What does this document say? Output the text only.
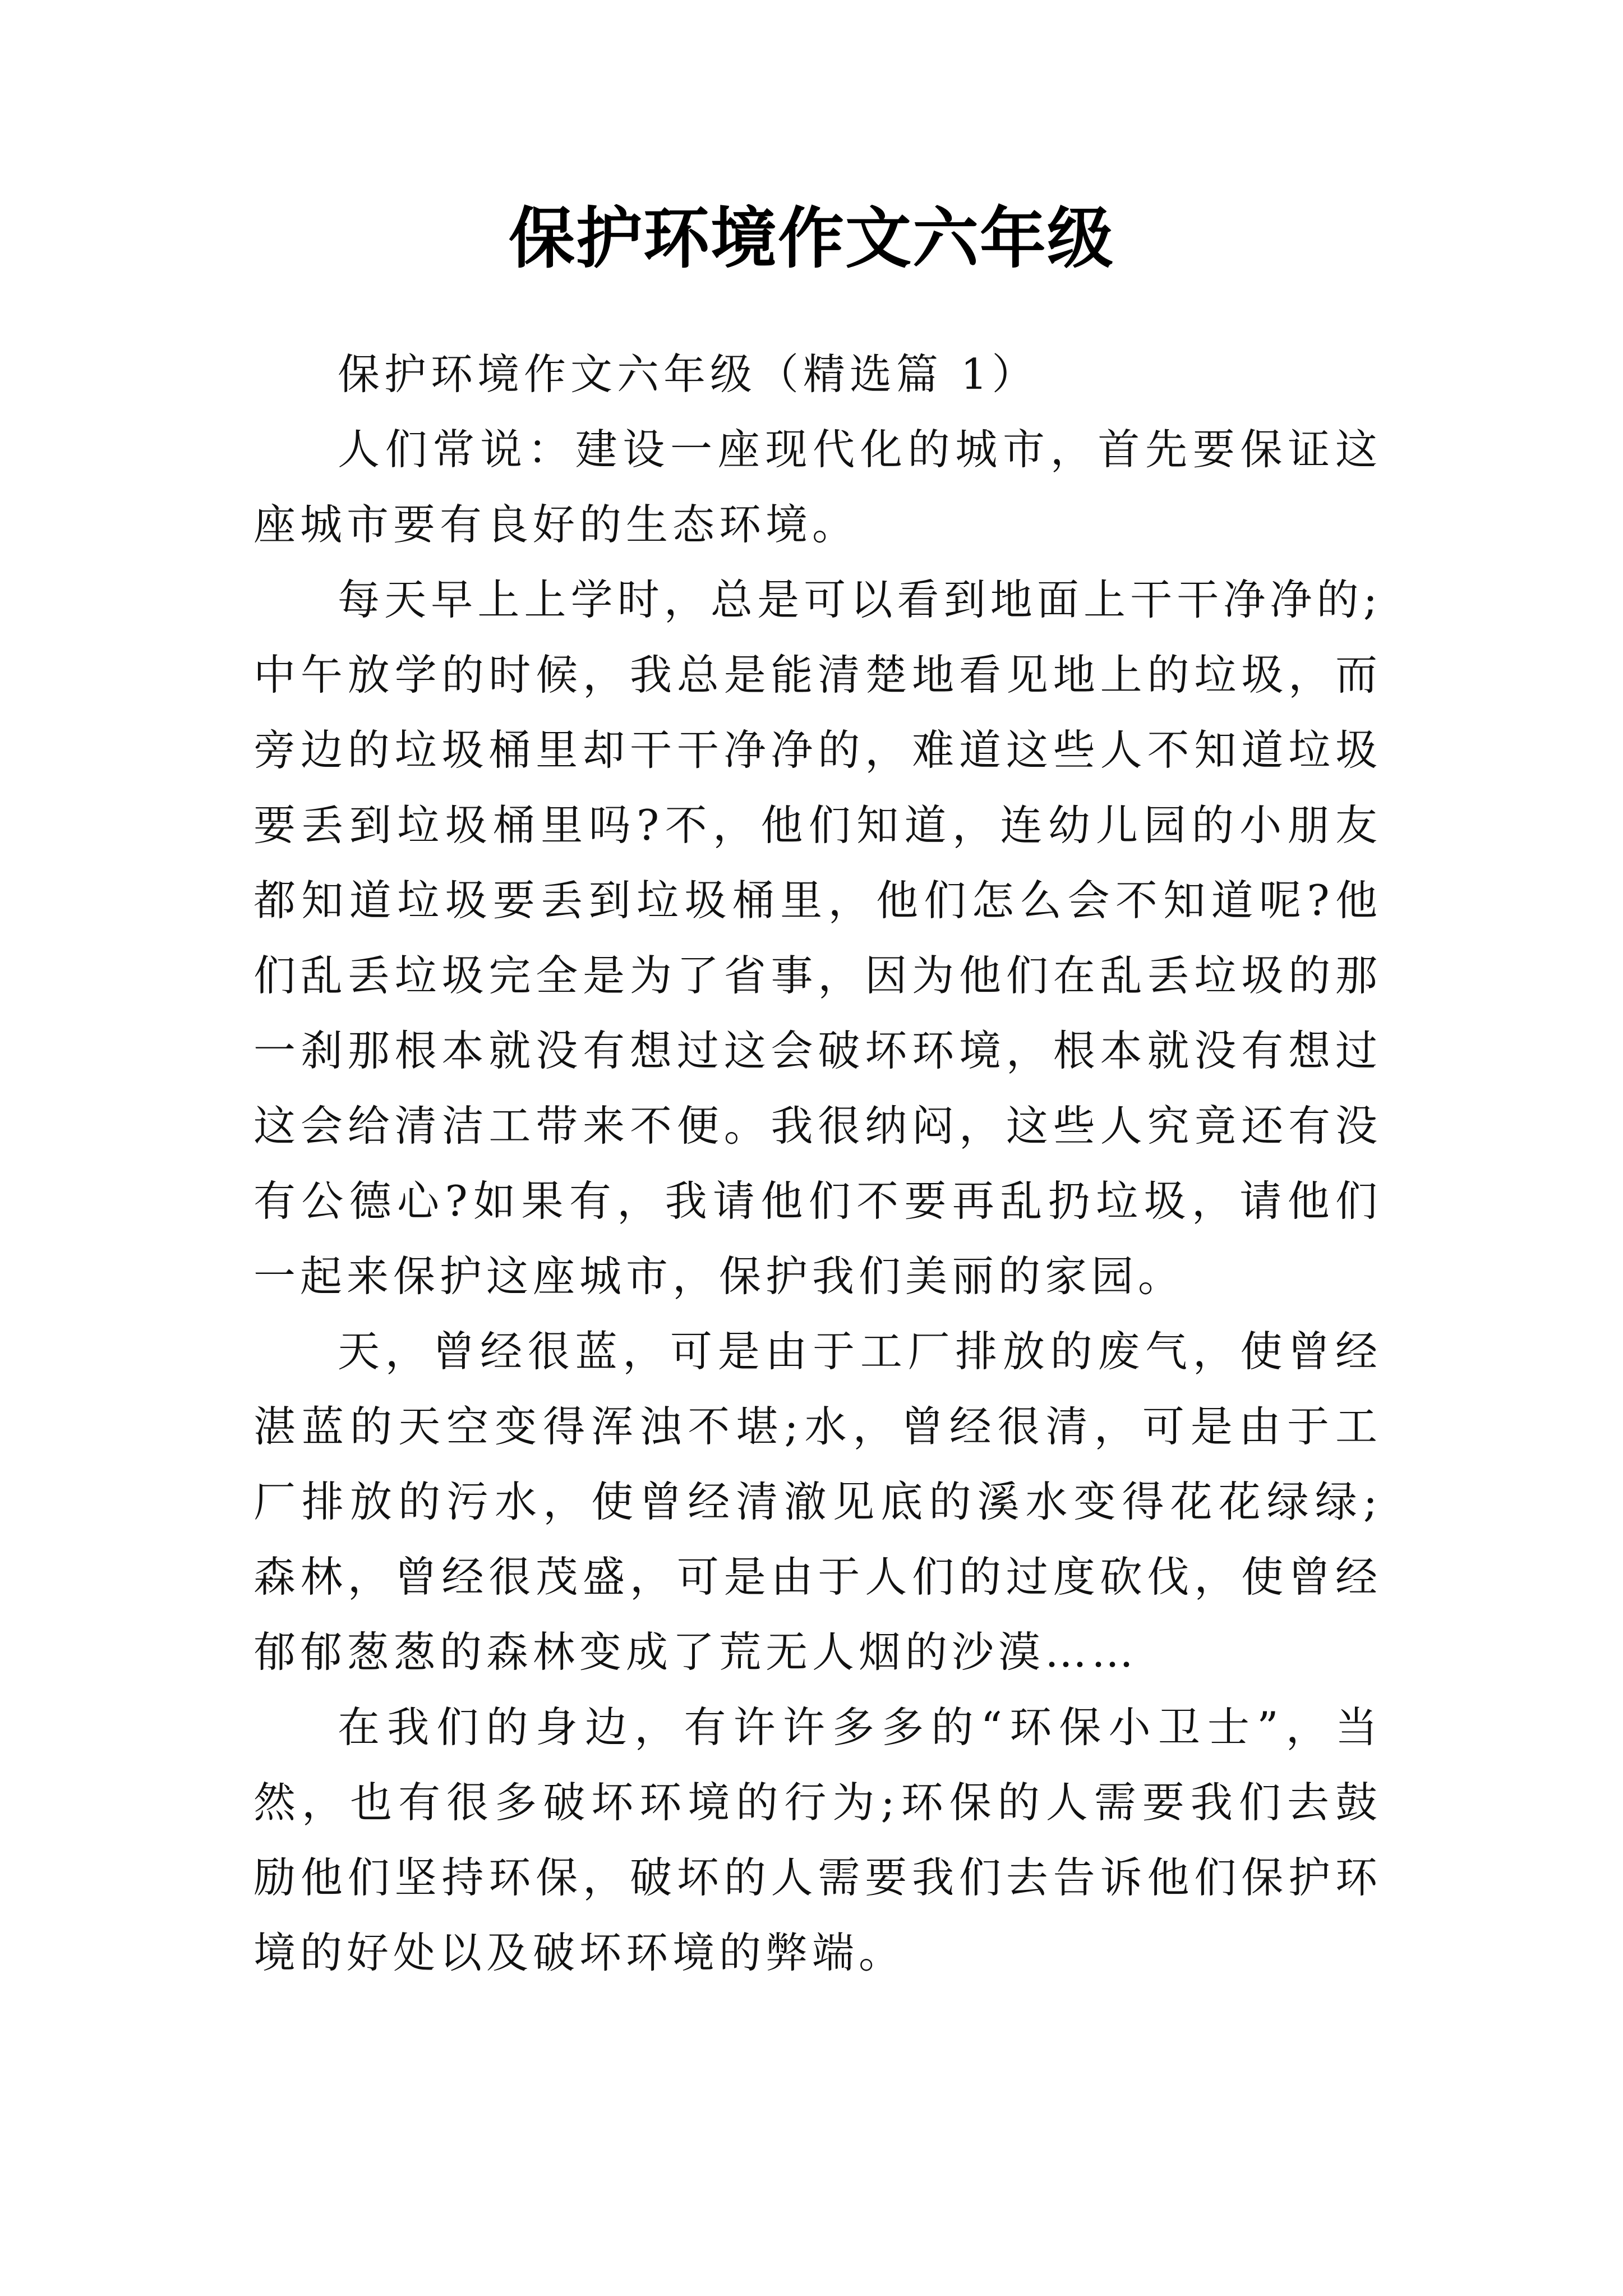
保护环境作文六年级

保护环境作文六年级（精选篇 1）

人们常说：建设一座现代化的城市，首先要保证这座城市要有良好的生态环境。

每天早上上学时，总是可以看到地面上干干净净的;中午放学的时候，我总是能清楚地看见地上的垃圾，而旁边的垃圾桶里却干干净净的，难道这些人不知道垃圾要丢到垃圾桶里吗?不，他们知道，连幼儿园的小朋友都知道垃圾要丢到垃圾桶里，他们怎么会不知道呢?他们乱丢垃圾完全是为了省事，因为他们在乱丢垃圾的那一刹那根本就没有想过这会破坏环境，根本就没有想过这会给清洁工带来不便。我很纳闷，这些人究竟还有没有公德心?如果有，我请他们不要再乱扔垃圾，请他们一起来保护这座城市，保护我们美丽的家园。

天，曾经很蓝，可是由于工厂排放的废气，使曾经湛蓝的天空变得浑浊不堪;水，曾经很清，可是由于工厂排放的污水，使曾经清澈见底的溪水变得花花绿绿;森林，曾经很茂盛，可是由于人们的过度砍伐，使曾经郁郁葱葱的森林变成了荒无人烟的沙漠……

在我们的身边，有许许多多的“环保小卫士”，当然，也有很多破坏环境的行为;环保的人需要我们去鼓励他们坚持环保，破坏的人需要我们去告诉他们保护环境的好处以及破坏环境的弊端。
